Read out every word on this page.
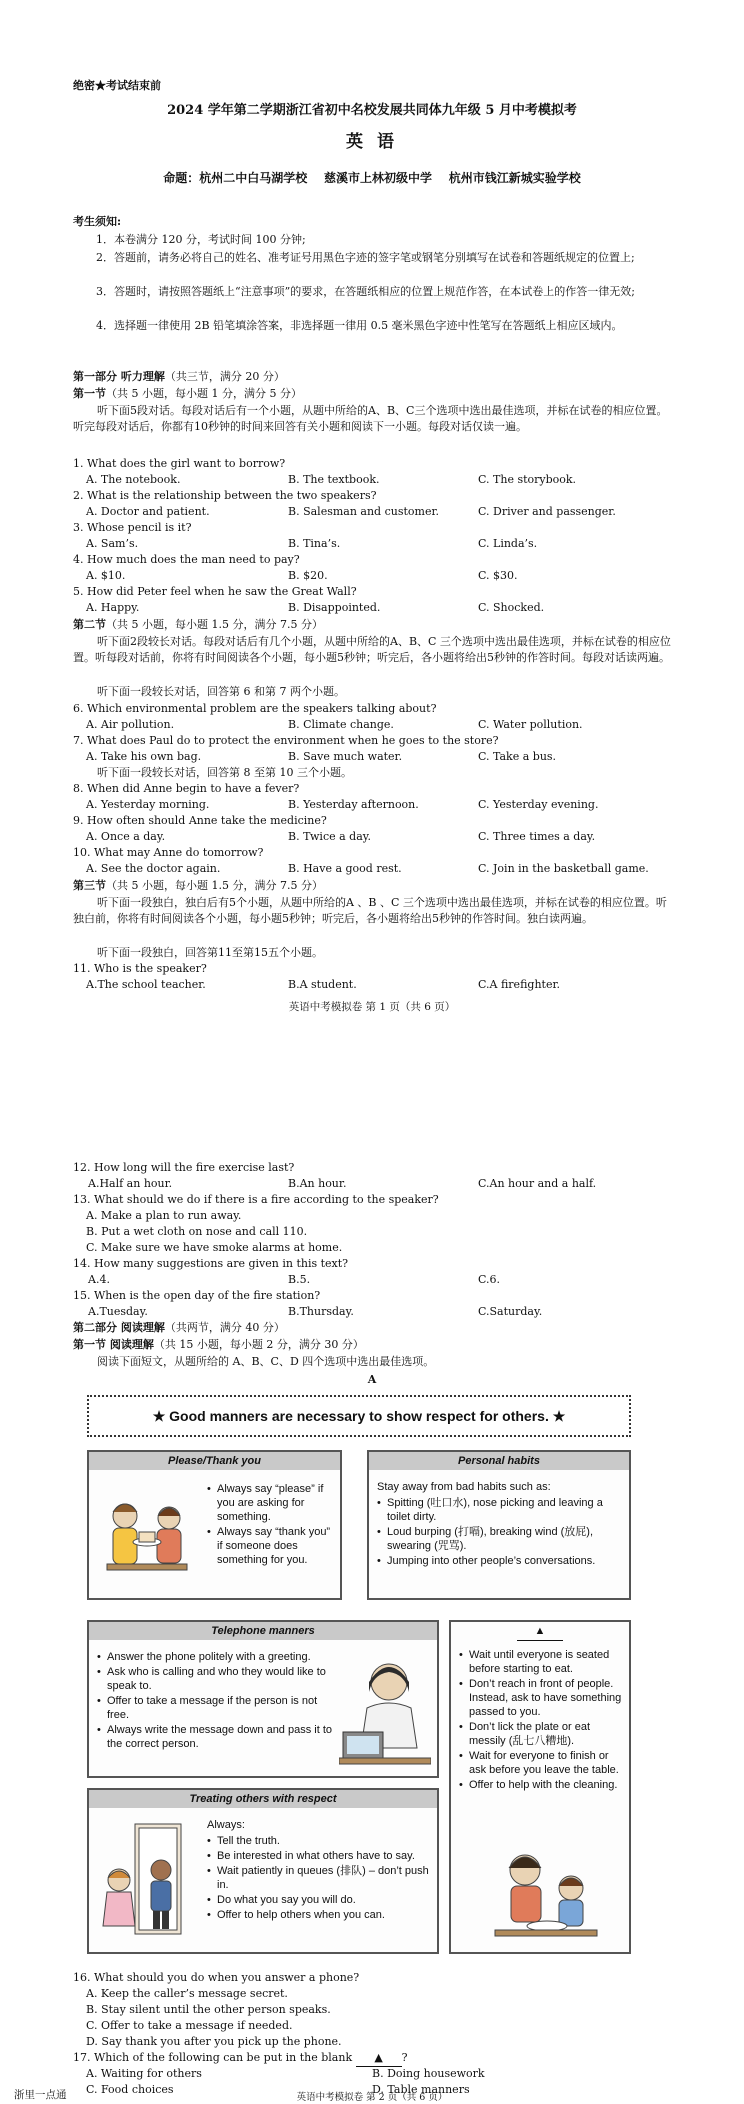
绝密★考试结束前
2024 学年第二学期浙江省初中名校发展共同体九年级 5 月中考模拟考
英 语
命题：杭州二中白马湖学校    慈溪市上林初级中学    杭州市钱江新城实验学校
考生须知:
1．本卷满分 120 分，考试时间 100 分钟;
2．答题前，请务必将自己的姓名、准考证号用黑色字迹的签字笔或钢笔分别填写在试卷和答题纸规定的位置上;
3．答题时，请按照答题纸上“注意事项”的要求，在答题纸相应的位置上规范作答，在本试卷上的作答一律无效;
4．选择题一律使用 2B 铅笔填涂答案，非选择题一律用 0.5 毫米黑色字迹中性笔写在答题纸上相应区域内。
第一部分 听力理解（共三节，满分 20 分）
第一节（共 5 小题，每小题 1 分，满分 5 分）
听下面5段对话。每段对话后有一个小题，从题中所给的A、B、C三个选项中选出最佳选项，并标在试卷的相应位置。听完每段对话后，你都有10秒钟的时间来回答有关小题和阅读下一小题。每段对话仅读一遍。
1. What does the girl want to borrow?
A. The notebook.	B. The textbook.	C. The storybook.
2. What is the relationship between the two speakers?
A. Doctor and patient.	B. Salesman and customer.	C. Driver and passenger.
3. Whose pencil is it?
A. Sam’s.	B. Tina’s.	C. Linda’s.
4. How much does the man need to pay?
A. $10.	B. $20.	C. $30.
5. How did Peter feel when he saw the Great Wall?
A. Happy.	B. Disappointed.	C. Shocked.
第二节（共 5 小题，每小题 1.5 分，满分 7.5 分）
听下面2段较长对话。每段对话后有几个小题，从题中所给的A、B、C 三个选项中选出最佳选项，并标在试卷的相应位置。听每段对话前，你将有时间阅读各个小题，每小题5秒钟；听完后，各小题将给出5秒钟的作答时间。每段对话读两遍。
听下面一段较长对话，回答第 6 和第 7 两个小题。
6. Which environmental problem are the speakers talking about?
A. Air pollution.	B. Climate change.	C. Water pollution.
7. What does Paul do to protect the environment when he goes to the store?
A. Take his own bag.	B. Save much water.	C. Take a bus.
听下面一段较长对话，回答第 8 至第 10 三个小题。
8. When did Anne begin to have a fever?
A. Yesterday morning.	B. Yesterday afternoon.	C. Yesterday evening.
9. How often should Anne take the medicine?
A. Once a day.	B. Twice a day.	C. Three times a day.
10. What may Anne do tomorrow?
A. See the doctor again.	B. Have a good rest.	C. Join in the basketball game.
第三节（共 5 小题，每小题 1.5 分，满分 7.5 分）
听下面一段独白，独白后有5个小题，从题中所给的A 、B 、C 三个选项中选出最佳选项，并标在试卷的相应位置。听独白前，你将有时间阅读各个小题，每小题5秒钟；听完后，各小题将给出5秒钟的作答时间。独白读两遍。
听下面一段独白，回答第11至第15五个小题。
11. Who is the speaker?
A.The school teacher.	B.A student.	C.A firefighter.
英语中考模拟卷 第 1 页（共 6 页）
12. How long will the fire exercise last?
A.Half an hour.	B.An hour.	C.An hour and a half.
13. What should we do if there is a fire according to the speaker?
A. Make a plan to run away.
B. Put a wet cloth on nose and call 110.
C. Make sure we have smoke alarms at home.
14. How many suggestions are given in this text?
A.4.	B.5.	C.6.
15. When is the open day of the fire station?
A.Tuesday.	B.Thursday.	C.Saturday.
第二部分 阅读理解（共两节，满分 40 分）
第一节 阅读理解（共 15 小题，每小题 2 分，满分 30 分）
阅读下面短文，从题所给的 A、B、C、D 四个选项中选出最佳选项。
A
★ Good manners are necessary to show respect for others. ★
Please/Thank you
• Always say “please” if you are asking for something.
• Always say “thank you” if someone does something for you.
Personal habits
Stay away from bad habits such as:
• Spitting (吐口水), nose picking and leaving a toilet dirty.
• Loud burping (打嗝), breaking wind (放屁), swearing (咒骂).
• Jumping into other people’s conversations.
Telephone manners
• Answer the phone politely with a greeting.
• Ask who is calling and who they would like to speak to.
• Offer to take a message if the person is not free.
• Always write the message down and pass it to the correct person.
▲
• Wait until everyone is seated before starting to eat.
• Don’t reach in front of people. Instead, ask to have something passed to you.
• Don’t lick the plate or eat messily (乱七八糟地).
• Wait for everyone to finish or ask before you leave the table.
• Offer to help with the cleaning.
Treating others with respect
Always:
• Tell the truth.
• Be interested in what others have to say.
• Wait patiently in queues (排队) – don’t push in.
• Do what you say you will do.
• Offer to help others when you can.
16. What should you do when you answer a phone?
A. Keep the caller’s message secret.
B. Stay silent until the other person speaks.
C. Offer to take a message if needed.
D. Say thank you after you pick up the phone.
17. Which of the following can be put in the blank ▲ ?
A. Waiting for others	B. Doing housework
C. Food choices	D. Table manners
浙里一点通	英语中考模拟卷 第 2 页（共 6 页）
